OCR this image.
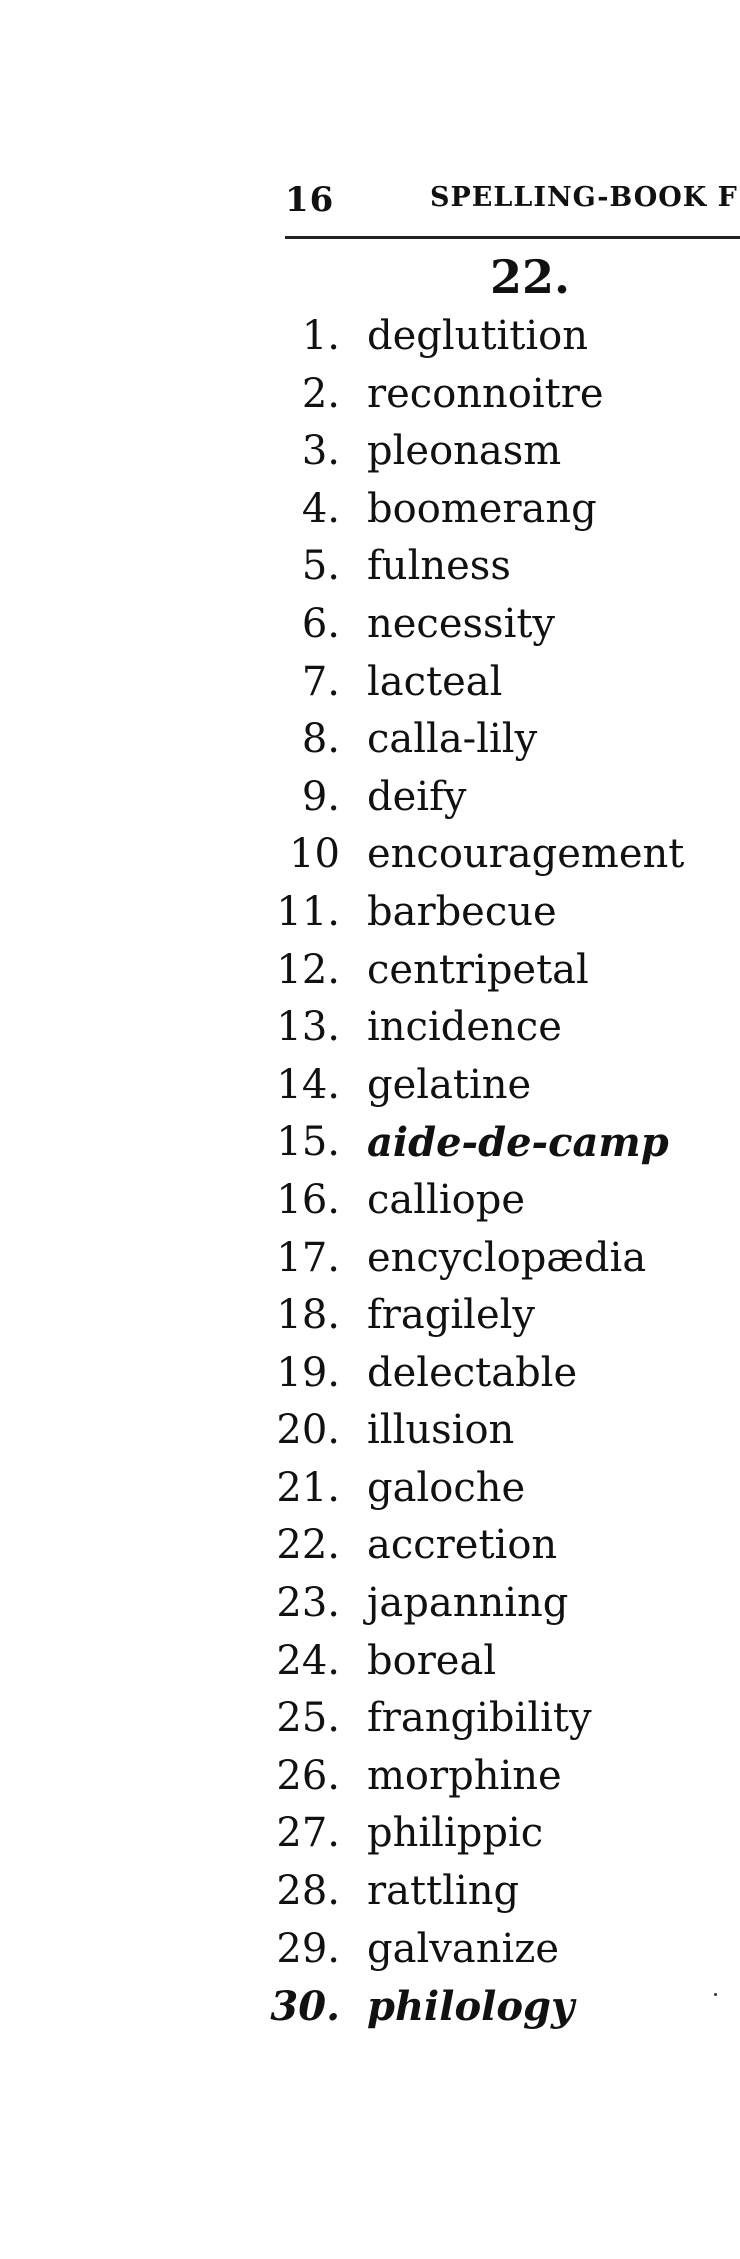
16	SPELLING-BOOK F
22.
1. deglutition
2. reconnoitre
3. pleonasm
4. boomerang
5. fulness
6. necessity
7. lacteal
8. calla-lily
9. deify
10 encouragement
11. barbecue
12. centripetal
13. incidence
14. gelatine
15. aide-de-camp
16. calliope
17. encyclopædia
18. fragilely
19. delectable
20. illusion
21. galoche
22. accretion
23. japanning
24. boreal
25. frangibility
26. morphine
27. philippic
28. rattling
29. galvanize
30. philology
